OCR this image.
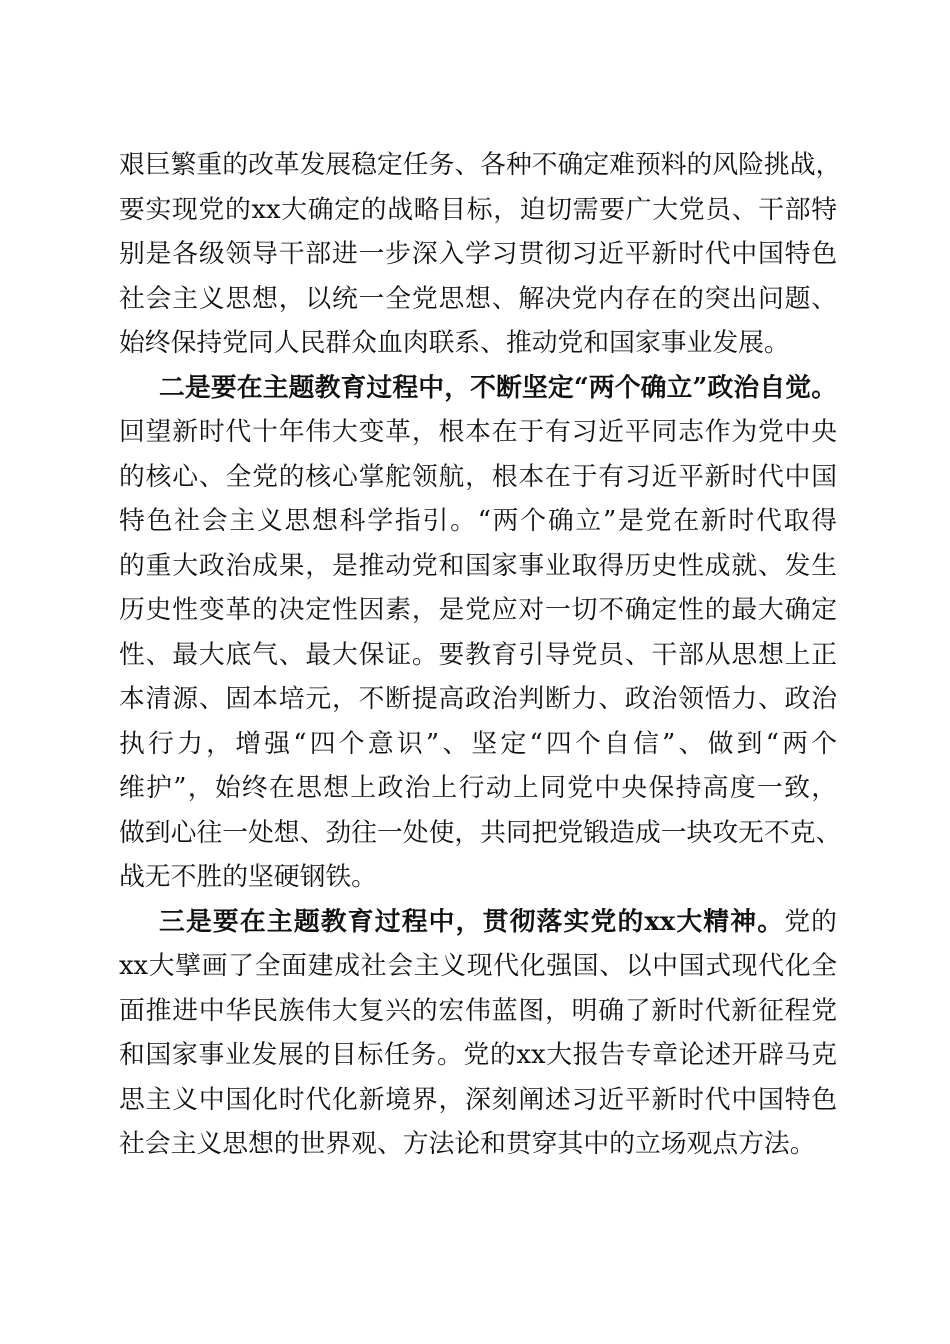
艰巨繁重的改革发展稳定任务、各种不确定难预料的风险挑战，
要实现党的xx大确定的战略目标，迫切需要广大党员、干部特
别是各级领导干部进一步深入学习贯彻习近平新时代中国特色
社会主义思想，以统一全党思想、解决党内存在的突出问题、
始终保持党同人民群众血肉联系、推动党和国家事业发展。
二是要在主题教育过程中，不断坚定“两个确立”政治自觉。
回望新时代十年伟大变革，根本在于有习近平同志作为党中央
的核心、全党的核心掌舵领航，根本在于有习近平新时代中国
特色社会主义思想科学指引。“两个确立”是党在新时代取得
的重大政治成果，是推动党和国家事业取得历史性成就、发生
历史性变革的决定性因素，是党应对一切不确定性的最大确定
性、最大底气、最大保证。要教育引导党员、干部从思想上正
本清源、固本培元，不断提高政治判断力、政治领悟力、政治
执行力，增强“四个意识”、坚定“四个自信”、做到“两个
维护”，始终在思想上政治上行动上同党中央保持高度一致，
做到心往一处想、劲往一处使，共同把党锻造成一块攻无不克、
战无不胜的坚硬钢铁。
三是要在主题教育过程中，贯彻落实党的xx大精神。党的
xx大擘画了全面建成社会主义现代化强国、以中国式现代化全
面推进中华民族伟大复兴的宏伟蓝图，明确了新时代新征程党
和国家事业发展的目标任务。党的xx大报告专章论述开辟马克
思主义中国化时代化新境界，深刻阐述习近平新时代中国特色
社会主义思想的世界观、方法论和贯穿其中的立场观点方法。
